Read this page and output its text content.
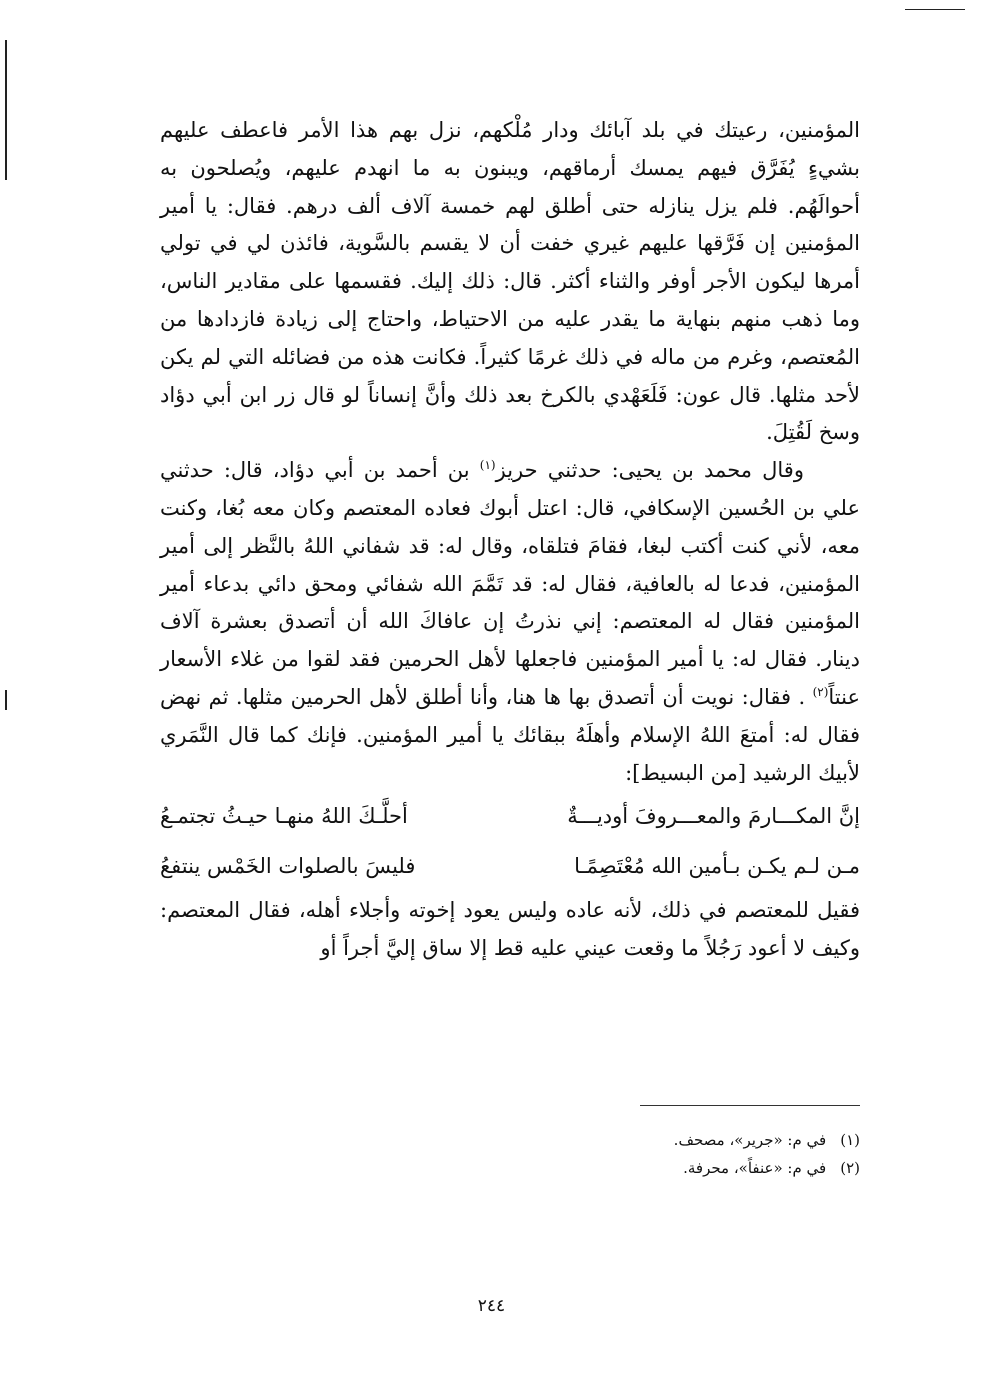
المؤمنين، رعيتك في بلد آبائك ودار مُلْكهم، نزل بهم هذا الأمر فاعطف عليهم بشيءٍ يُفَرَّق فيهم يمسك أرماقهم، ويبنون به ما انهدم عليهم، ويُصلحون به أحوالَهُم. فلم يزل ينازله حتى أطلق لهم خمسة آلاف ألف درهم. فقال: يا أمير المؤمنين إن فَرَّقها عليهم غيري خفت أن لا يقسم بالسَّوية، فائذن لي في تولي أمرها ليكون الأجر أوفر والثناء أكثر. قال: ذلك إليك. فقسمها على مقادير الناس، وما ذهب منهم بنهاية ما يقدر عليه من الاحتياط، واحتاج إلى زيادة فازدادها من المُعتصم، وغرم من ماله في ذلك غرمًا كثيراً. فكانت هذه من فضائله التي لم يكن لأحد مثلها. قال عون: فَلَعَهْدي بالكرخ بعد ذلك وأنَّ إنساناً لو قال زر ابن أبي دؤاد وسخ لَقُتِلَ.

وقال محمد بن يحيى: حدثني حريز$^{(١)}$ بن أحمد بن أبي دؤاد، قال: حدثني علي بن الحُسين الإسكافي، قال: اعتل أبوك فعاده المعتصم وكان معه بُغا، وكنت معه، لأني كنت أكتب لبغا، فقامَ فتلقاه، وقال له: قد شفاني اللهُ بالنَّظر إلى أمير المؤمنين، فدعا له بالعافية، فقال له: قد تَمَّمَ الله شفائي ومحق دائي بدعاء أمير المؤمنين فقال له المعتصم: إني نذرتُ إن عافاكَ الله أن أتصدق بعشرة آلاف دينار. فقال له: يا أمير المؤمنين فاجعلها لأهل الحرمين فقد لقوا من غلاء الأسعار عنتاً$^{(٢)}$ . فقال: نويت أن أتصدق بها ها هنا، وأنا أطلق لأهل الحرمين مثلها. ثم نهض فقال له: أمتعَ اللهُ الإسلام وأهلَهُ ببقائك يا أمير المؤمنين. فإنك كما قال النَّمَري لأبيك الرشيد [من البسيط]:

إنَّ المكـــارمَ والمعـــروفَ أوديـــةٌ
أحلَّـكَ اللهُ منهـا حيـثُ تجتمـعُ
مـن لـم يكـن بـأمين الله مُعْتَصِمًـا
فليسَ بالصلوات الخَمْس ينتفعُ

فقيل للمعتصم في ذلك، لأنه عاده وليس يعود إخوته وأجلاء أهله، فقال المعتصم: وكيف لا أعود رَجُلاً ما وقعت عيني عليه قط إلا ساق إليَّ أجراً أو

(١)في م: «جرير»، مصحف.
(٢)في م: «عنفاً»، محرفة.
٢٤٤
